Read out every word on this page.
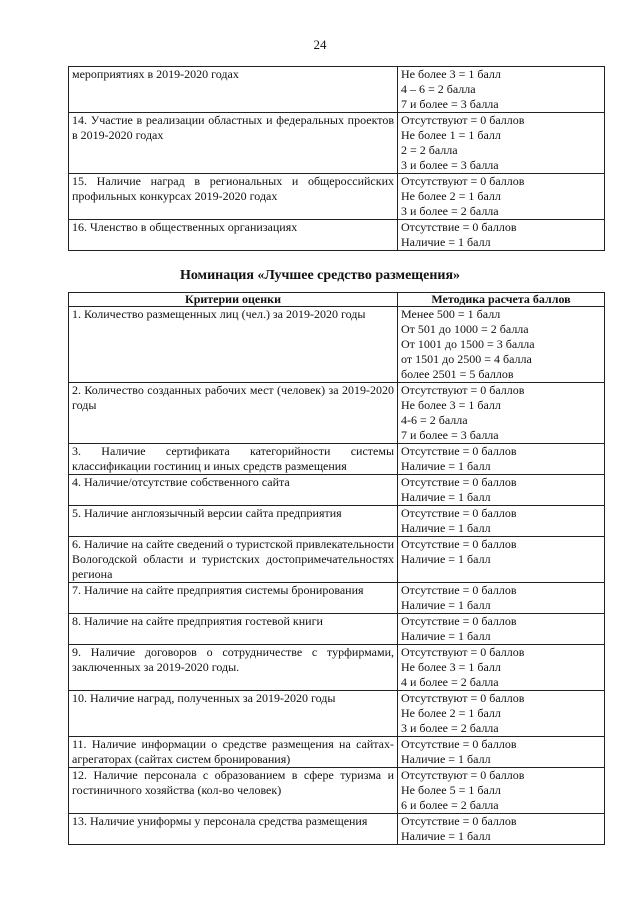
24
мероприятиях в 2019-2020 годах	Не более 3 = 1 балл
4 – 6 = 2 балла
7 и более = 3 балла

14. Участие в реализации областных и федеральных проектов в 2019-2020 годах	Отсутствуют = 0 баллов
Не более 1 = 1 балл
2 = 2 балла
3 и более = 3 балла

15. Наличие наград в региональных и общероссийских профильных конкурсах 2019-2020 годах	Отсутствуют = 0 баллов
Не более 2 = 1 балл
3 и более = 2 балла

16. Членство в общественных организациях	Отсутствие = 0 баллов
Наличие = 1 балл
Номинация «Лучшее средство размещения»
Критерии оценки	Методика расчета баллов
1. Количество размещенных лиц (чел.) за 2019-2020 годы	Менее 500 = 1 балл
От 501 до 1000 = 2 балла
От 1001 до 1500 = 3 балла
от 1501 до 2500 = 4 балла
более 2501 = 5 баллов

2. Количество созданных рабочих мест (человек) за 2019-2020 годы	Отсутствуют = 0 баллов
Не более 3 = 1 балл
4-6 = 2 балла
7 и более = 3 балла

3. Наличие сертификата категорийности системы классификации гостиниц и иных средств размещения	Отсутствие = 0 баллов
Наличие = 1 балл

4. Наличие/отсутствие собственного сайта	Отсутствие = 0 баллов
Наличие = 1 балл

5. Наличие англоязычный версии сайта предприятия	Отсутствие = 0 баллов
Наличие = 1 балл

6. Наличие на сайте сведений о туристской привлекательности Вологодской области и туристских достопримечательностях региона	Отсутствие = 0 баллов
Наличие = 1 балл

7. Наличие на сайте предприятия системы бронирования	Отсутствие = 0 баллов
Наличие = 1 балл

8. Наличие на сайте предприятия гостевой книги	Отсутствие = 0 баллов
Наличие = 1 балл

9. Наличие договоров о сотрудничестве с турфирмами, заключенных за 2019-2020 годы.	Отсутствуют = 0 баллов
Не более 3 = 1 балл
4 и более = 2 балла

10. Наличие наград, полученных за 2019-2020 годы	Отсутствуют = 0 баллов
Не более 2 = 1 балл
3 и более = 2 балла

11. Наличие информации о средстве размещения на сайтах-агрегаторах (сайтах систем бронирования)	Отсутствие = 0 баллов
Наличие = 1 балл

12. Наличие персонала с образованием в сфере туризма и гостиничного хозяйства (кол-во человек)	Отсутствуют = 0 баллов
Не более 5 = 1 балл
6 и более = 2 балла

13. Наличие униформы у персонала средства размещения	Отсутствие = 0 баллов
Наличие = 1 балл
